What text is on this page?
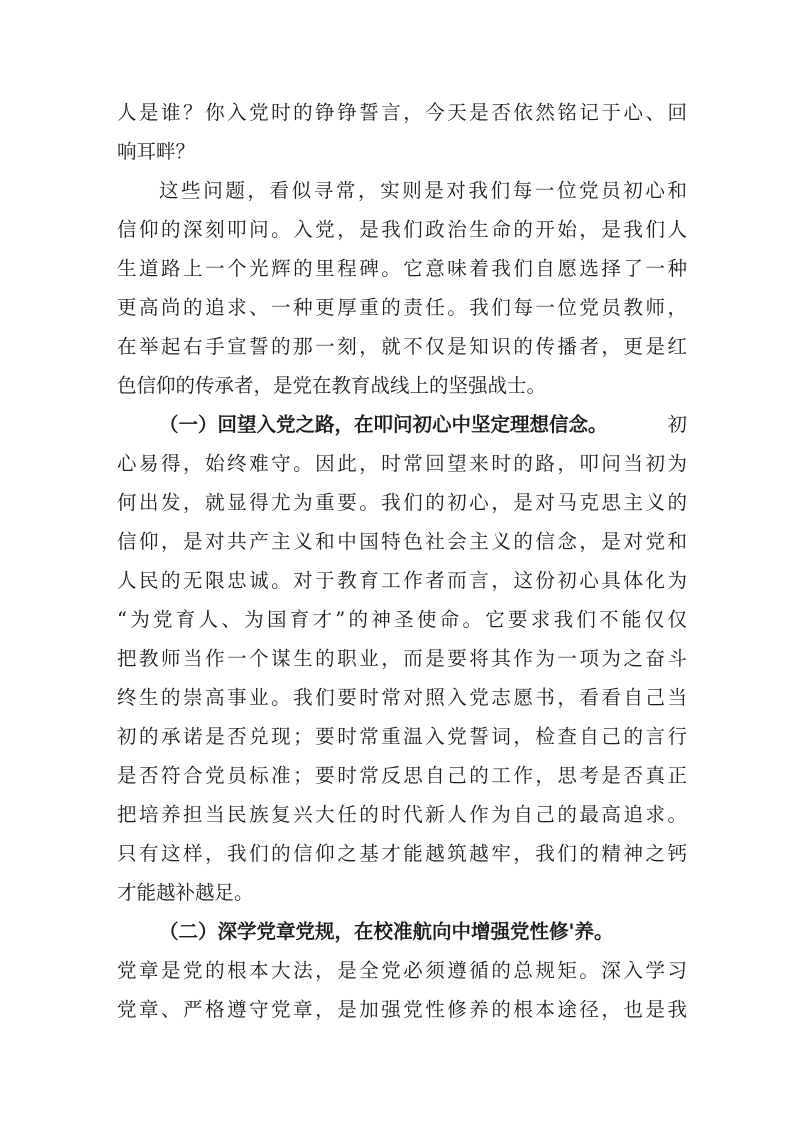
人是谁？你入党时的铮铮誓言，今天是否依然铭记于心、回
响耳畔？
这些问题，看似寻常，实则是对我们每一位党员初心和
信仰的深刻叩问。入党，是我们政治生命的开始，是我们人
生道路上一个光辉的里程碑。它意味着我们自愿选择了一种
更高尚的追求、一种更厚重的责任。我们每一位党员教师，
在举起右手宣誓的那一刻，就不仅是知识的传播者，更是红
色信仰的传承者，是党在教育战线上的坚强战士。
（一）回望入党之路，在叩问初心中坚定理想信念。	初
心易得，始终难守。因此，时常回望来时的路，叩问当初为
何出发，就显得尤为重要。我们的初心，是对马克思主义的
信仰，是对共产主义和中国特色社会主义的信念，是对党和
人民的无限忠诚。对于教育工作者而言，这份初心具体化为
“为党育人、为国育才”的神圣使命。它要求我们不能仅仅
把教师当作一个谋生的职业，而是要将其作为一项为之奋斗
终生的崇高事业。我们要时常对照入党志愿书，看看自己当
初的承诺是否兑现；要时常重温入党誓词，检查自己的言行
是否符合党员标准；要时常反思自己的工作，思考是否真正
把培养担当民族复兴大任的时代新人作为自己的最高追求。
只有这样，我们的信仰之基才能越筑越牢，我们的精神之钙
才能越补越足。
（二）深学党章党规，在校准航向中增强党性修'养。
党章是党的根本大法，是全党必须遵循的总规矩。深入学习
党章、严格遵守党章，是加强党性修养的根本途径，也是我
